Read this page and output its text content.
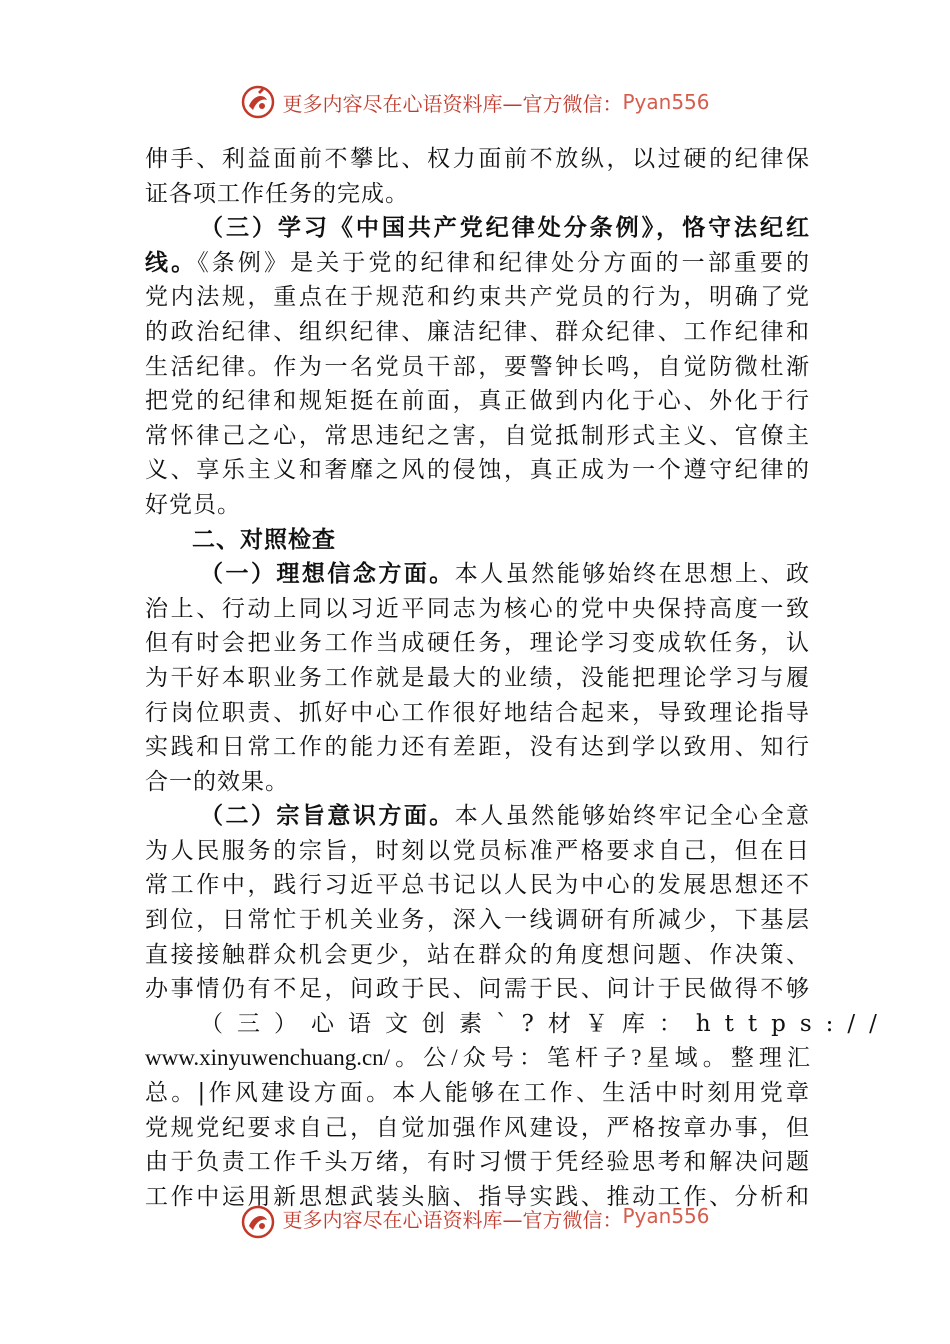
更多内容尽在心语资料库—官方微信： Pyan556
伸手、利益面前不攀比、权力面前不放纵，以过硬的纪律保
证各项工作任务的完成。
（三）学习《中国共产党纪律处分条例》，恪守法纪红
线。《条例》是关于党的纪律和纪律处分方面的一部重要的
党内法规，重点在于规范和约束共产党员的行为，明确了党
的政治纪律、组织纪律、廉洁纪律、群众纪律、工作纪律和
生活纪律。作为一名党员干部，要警钟长鸣，自觉防微杜渐
把党的纪律和规矩挺在前面，真正做到内化于心、外化于行
常怀律己之心，常思违纪之害，自觉抵制形式主义、官僚主
义、享乐主义和奢靡之风的侵蚀，真正成为一个遵守纪律的
好党员。
二、对照检查
（一）理想信念方面。本人虽然能够始终在思想上、政
治上、行动上同以习近平同志为核心的党中央保持高度一致
但有时会把业务工作当成硬任务，理论学习变成软任务，认
为干好本职业务工作就是最大的业绩，没能把理论学习与履
行岗位职责、抓好中心工作很好地结合起来，导致理论指导
实践和日常工作的能力还有差距，没有达到学以致用、知行
合一的效果。
（二）宗旨意识方面。本人虽然能够始终牢记全心全意
为人民服务的宗旨，时刻以党员标准严格要求自己，但在日
常工作中，践行习近平总书记以人民为中心的发展思想还不
到位，日常忙于机关业务，深入一线调研有所减少，下基层
直接接触群众机会更少，站在群众的角度想问题、作决策、
办事情仍有不足，问政于民、问需于民、问计于民做得不够
（三）心语文创素`?材￥库：https://
www.xinyuwenchuang.cn/。公/众号：笔杆子?星域。整理汇
总。|作风建设方面。本人能够在工作、生活中时刻用党章
党规党纪要求自己，自觉加强作风建设，严格按章办事，但
由于负责工作千头万绪，有时习惯于凭经验思考和解决问题
工作中运用新思想武装头脑、指导实践、推动工作、分析和
更多内容尽在心语资料库—官方微信： Pyan556
